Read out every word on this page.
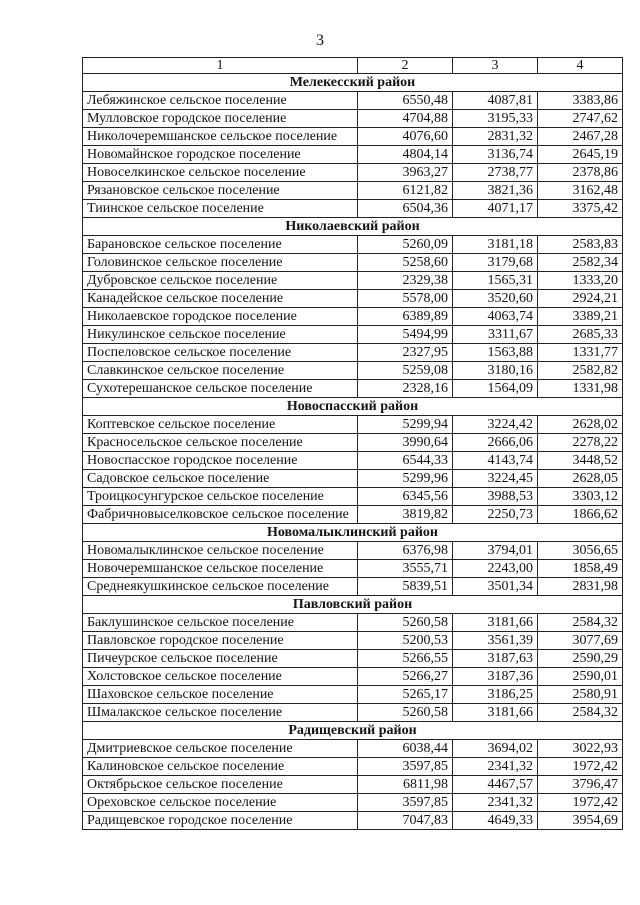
3
1	2	3	4
Мелекесский район			
Лебяжинское сельское поселение	6550,48	4087,81	3383,86
Мулловское городское поселение	4704,88	3195,33	2747,62
Николочеремшанское сельское поселение	4076,60	2831,32	2467,28
Новомайнское городское поселение	4804,14	3136,74	2645,19
Новоселкинское сельское поселение	3963,27	2738,77	2378,86
Рязановское сельское поселение	6121,82	3821,36	3162,48
Тиинское сельское поселение	6504,36	4071,17	3375,42
Николаевский район			
Барановское сельское поселение	5260,09	3181,18	2583,83
Головинское сельское поселение	5258,60	3179,68	2582,34
Дубровское сельское поселение	2329,38	1565,31	1333,20
Канадейское сельское поселение	5578,00	3520,60	2924,21
Николаевское городское поселение	6389,89	4063,74	3389,21
Никулинское сельское поселение	5494,99	3311,67	2685,33
Поспеловское сельское поселение	2327,95	1563,88	1331,77
Славкинское сельское поселение	5259,08	3180,16	2582,82
Сухотерешанское сельское поселение	2328,16	1564,09	1331,98
Новоспасский район			
Коптевское сельское поселение	5299,94	3224,42	2628,02
Красносельское сельское поселение	3990,64	2666,06	2278,22
Новоспасское городское поселение	6544,33	4143,74	3448,52
Садовское сельское поселение	5299,96	3224,45	2628,05
Троицкосунгурское сельское поселение	6345,56	3988,53	3303,12
Фабричновыселковское сельское поселение	3819,82	2250,73	1866,62
Новомалыклинский район			
Новомалыклинское сельское поселение	6376,98	3794,01	3056,65
Новочеремшанское сельское поселение	3555,71	2243,00	1858,49
Среднеякушкинское сельское поселение	5839,51	3501,34	2831,98
Павловский район			
Баклушинское сельское поселение	5260,58	3181,66	2584,32
Павловское городское поселение	5200,53	3561,39	3077,69
Пичеурское сельское поселение	5266,55	3187,63	2590,29
Холстовское сельское поселение	5266,27	3187,36	2590,01
Шаховское сельское поселение	5265,17	3186,25	2580,91
Шмалакское сельское поселение	5260,58	3181,66	2584,32
Радищевский район			
Дмитриевское сельское поселение	6038,44	3694,02	3022,93
Калиновское сельское поселение	3597,85	2341,32	1972,42
Октябрьское сельское поселение	6811,98	4467,57	3796,47
Ореховское сельское поселение	3597,85	2341,32	1972,42
Радищевское городское поселение	7047,83	4649,33	3954,69
